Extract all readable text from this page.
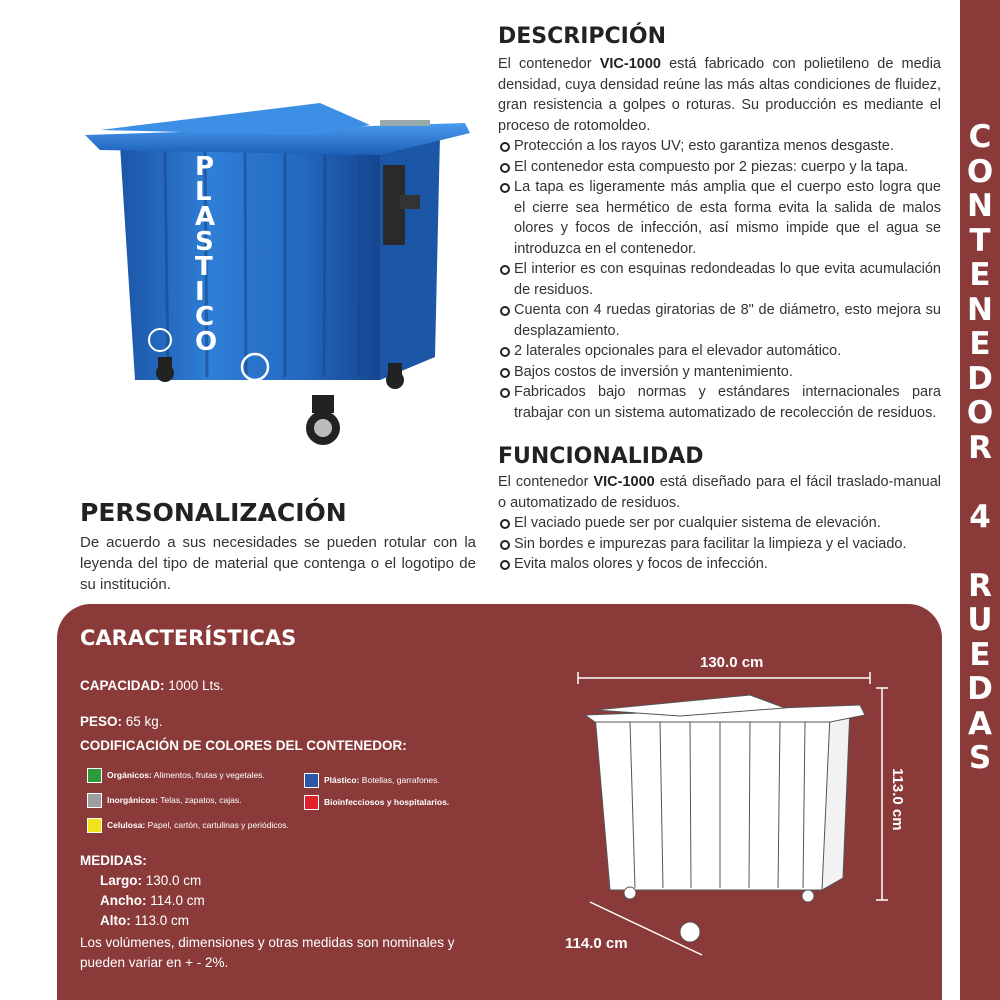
C
O
N
T
E
N
E
D
O
R

4

R
U
E
D
A
S
P L A S T I C O
DESCRIPCIÓN

El contenedor VIC-1000 está fabricado con polietileno de media densidad, cuya densidad reúne las más altas condiciones de fluidez, gran resistencia a golpes o roturas. Su producción es mediante el proceso de rotomoldeo.

Protección a los rayos UV; esto garantiza menos desgaste.
El contenedor esta compuesto por 2 piezas: cuerpo y la tapa.
La tapa es ligeramente más amplia que el cuerpo esto logra que el cierre sea hermético de esta forma evita la salida de malos olores y focos de infección, así mismo impide que el agua se introduzca en el contenedor.
El interior es con esquinas redondeadas lo que evita acumulación de residuos.
Cuenta con 4 ruedas giratorias de 8" de diámetro, esto mejora su desplazamiento.
2 laterales opcionales para el elevador automático.
Bajos costos de inversión y mantenimiento.
Fabricados bajo normas y estándares internacionales para trabajar con un sistema automatizado de recolección de residuos.
FUNCIONALIDAD

El contenedor VIC-1000 está diseñado para el fácil traslado-manual o automatizado de residuos.

El vaciado puede ser por cualquier sistema de elevación.
Sin bordes e impurezas para facilitar la limpieza y el vaciado.
Evita malos olores y focos de infección.
PERSONALIZACIÓN
De acuerdo a sus necesidades se pueden rotular con la leyenda del tipo de material que contenga o el logotipo de su institución.
CARACTERÍSTICAS
CAPACIDAD: 1000 Lts.
PESO: 65 kg.
CODIFICACIÓN DE COLORES DEL CONTENEDOR:
Orgánicos: Alimentos, frutas y vegetales.
Inorgánicos: Telas, zapatos, cajas.
Celulosa: Papel, cartón, cartulinas y periódicos.
Plástico: Botellas, garrafones.
Bioinfecciosos y hospitalarios.
MEDIDAS:
Largo: 130.0 cm
Ancho: 114.0 cm
Alto: 113.0 cm
Los volúmenes, dimensiones y otras medidas son nominales y pueden variar en + - 2%.
130.0 cm
113.0 cm
114.0 cm
